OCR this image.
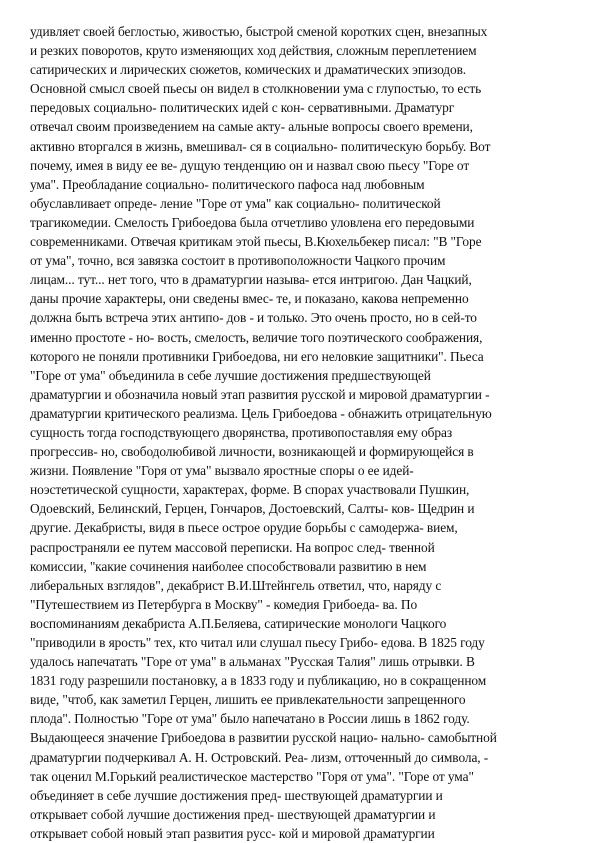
удивляет своей беглостью, живостью, быстрой сменой коротких сцен, внезапных
и резких поворотов, круто изменяющих ход действия, сложным переплетением
сатирических и лирических сюжетов, комических и драматических эпизодов.
Основной смысл своей пьесы он видел в столкновении ума с глупостью, то есть
передовых социально- политических идей с кон- сервативными. Драматург
отвечал своим произведением на самые акту- альные вопросы своего времени,
активно вторгался в жизнь, вмешивал- ся в социально- политическую борьбу. Вот
почему, имея в виду ее ве- дущую тенденцию он и назвал свою пьесу "Горе от
ума". Преобладание социально- политического пафоса над любовным
обуславливает опреде- ление "Горе от ума" как социально- политической
трагикомедии. Смелость Грибоедова была отчетливо уловлена его передовыми
современниками. Отвечая критикам этой пьесы, В.Кюхельбекер писал: "В "Горе
от ума", точно, вся завязка состоит в противоположности Чацкого прочим
лицам... тут... нет того, что в драматургии называ- ется интригою. Дан Чацкий,
даны прочие характеры, они сведены вмес- те, и показано, какова непременно
должна быть встреча этих антипо- дов - и только. Это очень просто, но в сей-то
именно простоте - но- вость, смелость, величие того поэтического соображения,
которого не поняли противники Грибоедова, ни его неловкие защитники". Пьеса
"Горе от ума" объединила в себе лучшие достижения предшествующей
драматургии и обозначила новый этап развития русской и мировой драматургии -
драматургии критического реализма. Цель Грибоедова - обнажить отрицательную
сущность тогда господствующего дворянства, противопоставляя ему образ
прогрессив- но, свободолюбивой личности, возникающей и формирующейся в
жизни. Появление "Горя от ума" вызвало яростные споры о ее идей-
ноэстетической сущности, характерах, форме. В спорах участвовали Пушкин,
Одоевский, Белинский, Герцен, Гончаров, Достоевский, Салты- ков- Щедрин и
другие. Декабристы, видя в пьесе острое орудие борьбы с самодержа- вием,
распространяли ее путем массовой переписки. На вопрос след- твенной
комиссии, "какие сочинения наиболее способствовали развитию в нем
либеральных взглядов", декабрист В.И.Штейнгель ответил, что, наряду с
"Путешествием из Петербурга в Москву" - комедия Грибоеда- ва. По
воспоминаниям декабриста А.П.Беляева, сатирические монологи Чацкого
"приводили в ярость" тех, кто читал или слушал пьесу Грибо- едова. В 1825 году
удалось напечатать "Горе от ума" в альманах "Русская Талия" лишь отрывки. В
1831 году разрешили постановку, а в 1833 году и публикацию, но в сокращенном
виде, "чтоб, как заметил Герцен, лишить ее привлекательности запрещенного
плода". Полностью "Горе от ума" было напечатано в России лишь в 1862 году.
Выдающееся значение Грибоедова в развитии русской нацио- нально- самобытной
драматургии подчеркивал А. Н. Островский. Реа- лизм, отточенный до символа, -
так оценил М.Горький реалистическое мастерство "Горя от ума". "Горе от ума"
объединяет в себе лучшие достижения пред- шествующей драматургии и
открывает собой лучшие достижения пред- шествующей драматургии и
открывает собой новый этап развития русс- кой и мировой драматургии
